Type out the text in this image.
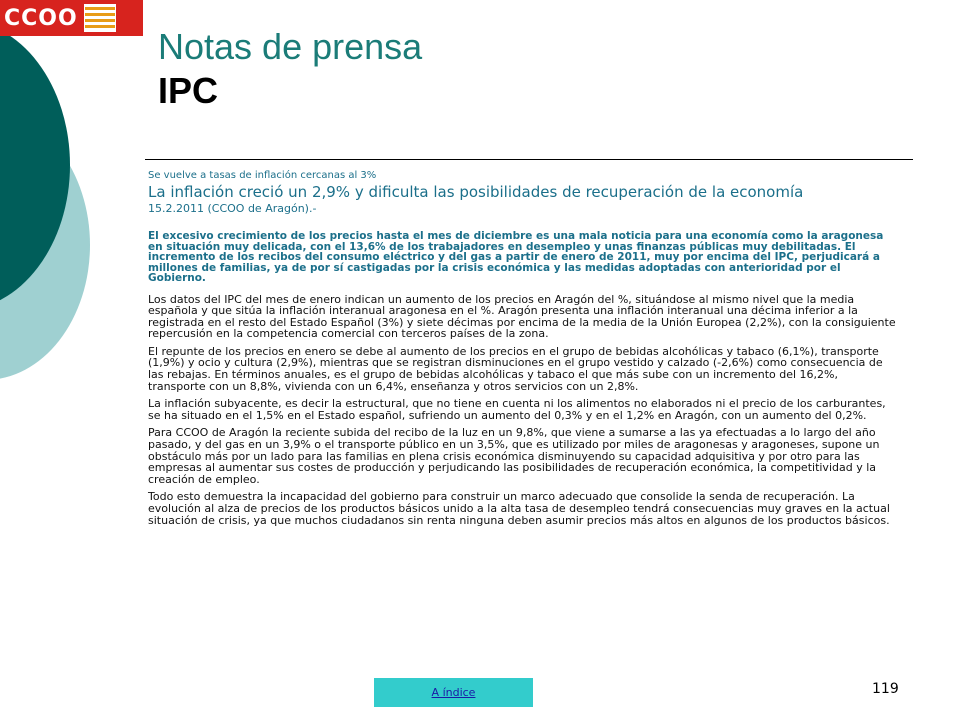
CCOO
Notas de prensa
IPC

Se vuelve a tasas de inflación cercanas al 3%

La inflación creció un 2,9% y dificulta las posibilidades de recuperación de la economía

15.2.2011 (CCOO de Aragón).-

El excesivo crecimiento de los precios hasta el mes de diciembre es una mala noticia para una economía como la aragonesa en situación muy delicada, con el 13,6% de los trabajadores en desempleo y unas finanzas públicas muy debilitadas. El incremento de los recibos del consumo eléctrico y del gas a partir de enero de 2011, muy por encima del IPC, perjudicará a millones de familias, ya de por sí castigadas por la crisis económica y las medidas adoptadas con anterioridad por el Gobierno.

Los datos del IPC del mes de enero indican un aumento de los precios en Aragón del %, situándose al mismo nivel que la media española y que sitúa la inflación interanual aragonesa en el %. Aragón presenta una inflación interanual una décima inferior a la registrada en el resto del Estado Español (3%) y siete décimas por encima de la media de la Unión Europea (2,2%), con la consiguiente repercusión en la competencia comercial con terceros países de la zona.

El repunte de los precios en enero se debe al aumento de los precios en el grupo de bebidas alcohólicas y tabaco (6,1%), transporte (1,9%) y ocio y cultura (2,9%), mientras que se registran disminuciones en el grupo vestido y calzado (-2,6%) como consecuencia de las rebajas. En términos anuales, es el grupo de bebidas alcohólicas y tabaco el que más sube con un incremento del 16,2%, transporte con un 8,8%, vivienda con un 6,4%, enseñanza y otros servicios con un 2,8%.

La inflación subyacente, es decir la estructural, que no tiene en cuenta ni los alimentos no elaborados ni el precio de los carburantes, se ha situado en el 1,5% en el Estado español, sufriendo un aumento del 0,3% y en el 1,2% en Aragón, con un aumento del 0,2%.

Para CCOO de Aragón la reciente subida del recibo de la luz en un 9,8%, que viene a sumarse a las ya efectuadas a lo largo del año pasado, y del gas en un 3,9% o el transporte público en un 3,5%, que es utilizado por miles de aragonesas y aragoneses, supone un obstáculo más por un lado para las familias en plena crisis económica disminuyendo su capacidad adquisitiva y por otro para las empresas al aumentar sus costes de producción y perjudicando las posibilidades de recuperación económica, la competitividad y la creación de empleo.

Todo esto demuestra la incapacidad del gobierno para construir un marco adecuado que consolide la senda de recuperación. La evolución al alza de precios de los productos básicos unido a la alta tasa de desempleo tendrá consecuencias muy graves en la actual situación de crisis, ya que muchos ciudadanos sin renta ninguna deben asumir precios más altos en algunos de los productos básicos.

A índice	119
